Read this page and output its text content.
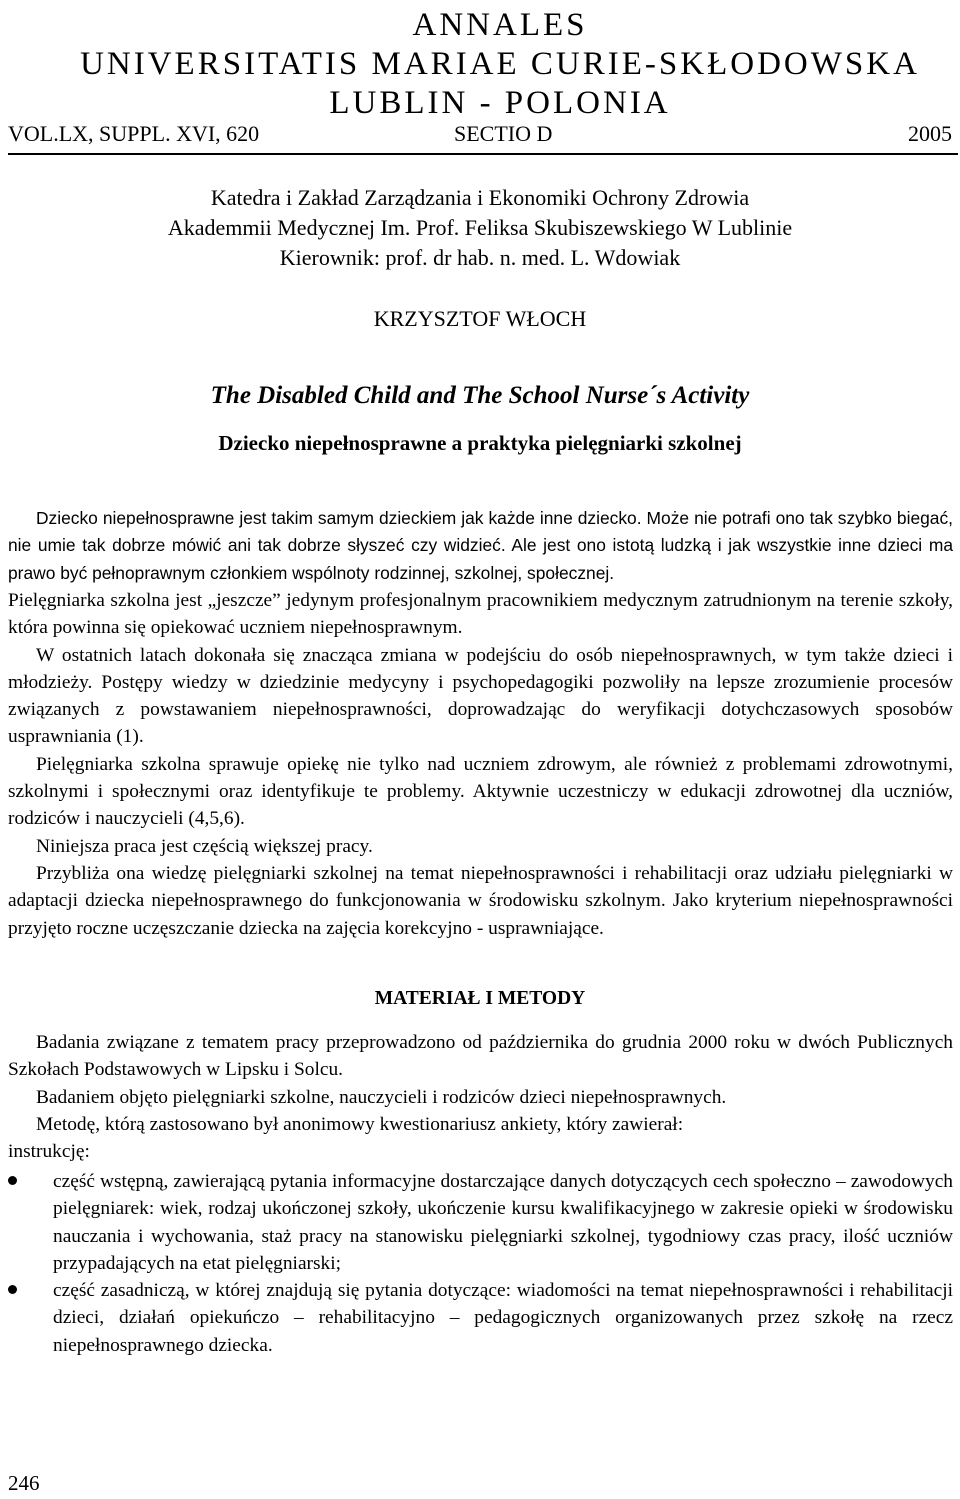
ANNALES
UNIVERSITATIS MARIAE CURIE-SKŁODOWSKA
LUBLIN - POLONIA
VOL.LX, SUPPL. XVI, 620	SECTIO D	2005
Katedra i Zakład Zarządzania i Ekonomiki Ochrony Zdrowia
Akademmii Medycznej Im. Prof. Feliksa Skubiszewskiego W Lublinie
Kierownik: prof. dr hab. n. med. L. Wdowiak
KRZYSZTOF WŁOCH
The Disabled Child and The School Nurse´s Activity
Dziecko niepełnosprawne a praktyka pielęgniarki szkolnej

Dziecko niepełnosprawne jest takim samym dzieckiem jak każde inne dziecko. Może nie potrafi ono tak szybko biegać, nie umie tak dobrze mówić ani tak dobrze słyszeć czy widzieć. Ale jest ono istotą ludzką i jak wszystkie inne dzieci ma prawo być pełnoprawnym członkiem wspólnoty rodzinnej, szkolnej, społecznej.

Pielęgniarka szkolna jest „jeszcze” jedynym profesjonalnym pracownikiem medycznym zatrudnionym na terenie szkoły, która powinna się opiekować uczniem niepełnosprawnym.

W ostatnich latach dokonała się znacząca zmiana w podejściu do osób niepełnosprawnych, w tym także dzieci i młodzieży. Postępy wiedzy w dziedzinie medycyny i psychopedagogiki pozwoliły na lepsze zrozumienie procesów związanych z powstawaniem niepełnosprawności, doprowadzając do weryfikacji dotychczasowych sposobów usprawniania (1).

Pielęgniarka szkolna sprawuje opiekę nie tylko nad uczniem zdrowym, ale również z problemami zdrowotnymi, szkolnymi i społecznymi oraz identyfikuje te problemy. Aktywnie uczestniczy w edukacji zdrowotnej dla uczniów, rodziców i nauczycieli (4,5,6).

Niniejsza praca jest częścią większej pracy.

Przybliża ona wiedzę pielęgniarki szkolnej na temat niepełnosprawności i rehabilitacji oraz udziału pielęgniarki w adaptacji dziecka niepełnosprawnego do funkcjonowania w środowisku szkolnym. Jako kryterium niepełnosprawności przyjęto roczne uczęszczanie dziecka na zajęcia korekcyjno - usprawniające.

MATERIAŁ I METODY

Badania związane z tematem pracy przeprowadzono od października do grudnia 2000 roku w dwóch Publicznych Szkołach Podstawowych w Lipsku i Solcu.

Badaniem objęto pielęgniarki szkolne, nauczycieli i rodziców dzieci niepełnosprawnych.

Metodę, którą zastosowano był anonimowy kwestionariusz ankiety, który zawierał:

instrukcję:

część wstępną, zawierającą pytania informacyjne dostarczające danych dotyczących cech społeczno – zawodowych pielęgniarek: wiek, rodzaj ukończonej szkoły, ukończenie kursu kwalifikacyjnego w zakresie opieki w środowisku nauczania i wychowania, staż pracy na stanowisku pielęgniarki szkolnej, tygodniowy czas pracy, ilość uczniów przypadających na etat pielęgniarski;
część zasadniczą, w której znajdują się pytania dotyczące: wiadomości na temat niepełnosprawności i rehabilitacji dzieci, działań opiekuńczo – rehabilitacyjno – pedagogicznych organizowanych przez szkołę na rzecz niepełnosprawnego dziecka.
246
